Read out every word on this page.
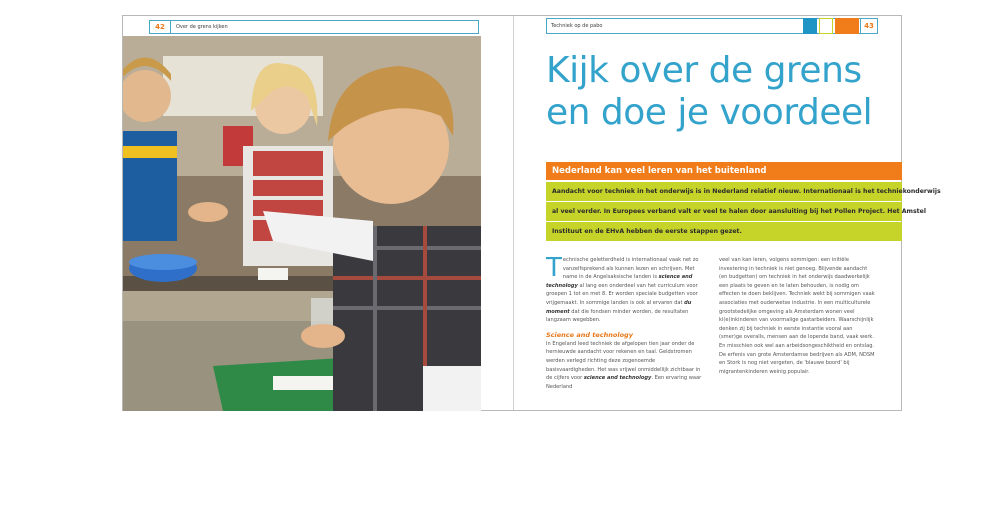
42	Over de grens kijken	Techniek op de pabo	43
Kijk over de grens
en doe je voordeel
Nederland kan veel leren van het buitenland
Aandacht voor techniek in het onderwijs is in Nederland relatief nieuw. Internationaal is het techniekonderwijs
al veel verder. In Europees verband valt er veel te halen door aansluiting bij het Pollen Project. Het Amstel
Instituut en de EHvA hebben de eerste stappen gezet.

Technische geletterdheid is internationaal vaak net zo vanzelfsprekend als kunnen lezen en schrijven. Met name in de Angelsaksische landen is science and technology al lang een onderdeel van het curriculum voor groepen 1 tot en met 8. Er worden speciale budgetten voor vrijgemaakt. In sommige landen is ook al ervaren dat du moment dat die fondsen minder worden, de resultaten langzaam wegebben.

Science and technology

In Engeland leed techniek de afgelopen tien jaar onder de hernieuwde aandacht voor rekenen en taal. Geldstromen werden verlegd richting deze zogenoemde basisvaardigheden. Het was vrijwel onmiddellijk zichtbaar in de cijfers voor science and technology. Een ervaring waar Nederland

veel van kan leren, volgens sommigen: een initiële investering in techniek is niet genoeg. Blijvende aandacht (en budgetten) om techniek in het onderwijs daadwerkelijk een plaats te geven en te laten behouden, is nodig om effecten te doen beklijven. Techniek wekt bij sommigen vaak associaties met ouderwetse industrie. In een multiculturele grootstedelijke omgeving als Amsterdam wonen veel kl(e)inkinderen van voormalige gastarbeiders. Waarschijnlijk denken zij bij techniek in eerste instantie vooral aan (smer)ge overalls, mensen aan de lopende band, vaak werk. En misschien ook wel aan arbeidsongeschiktheid en ontslag. De erfenis van grote Amsterdamse bedrijven als ADM, NDSM en Stork is nog niet vergeten, de 'blauwe boord' bij migrantenkinderen weinig populair.
